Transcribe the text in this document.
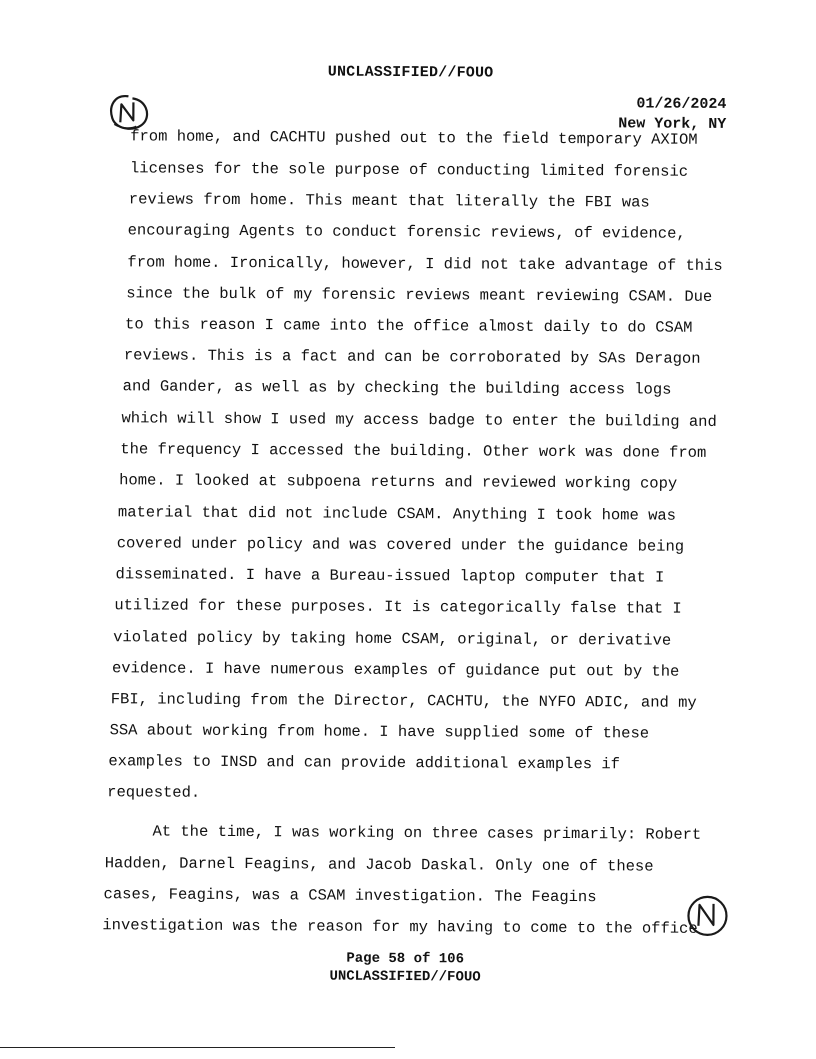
UNCLASSIFIED//FOUO
01/26/2024
New York, NY
from home, and CACHTU pushed out to the field temporary AXIOM
licenses for the sole purpose of conducting limited forensic
reviews from home. This meant that literally the FBI was
encouraging Agents to conduct forensic reviews, of evidence,
from home. Ironically, however, I did not take advantage of this
since the bulk of my forensic reviews meant reviewing CSAM. Due
to this reason I came into the office almost daily to do CSAM
reviews. This is a fact and can be corroborated by SAs Deragon
and Gander, as well as by checking the building access logs
which will show I used my access badge to enter the building and
the frequency I accessed the building. Other work was done from
home. I looked at subpoena returns and reviewed working copy
material that did not include CSAM. Anything I took home was
covered under policy and was covered under the guidance being
disseminated. I have a Bureau-issued laptop computer that I
utilized for these purposes. It is categorically false that I
violated policy by taking home CSAM, original, or derivative
evidence. I have numerous examples of guidance put out by the
FBI, including from the Director, CACHTU, the NYFO ADIC, and my
SSA about working from home. I have supplied some of these
examples to INSD and can provide additional examples if
requested.
At the time, I was working on three cases primarily: Robert
Hadden, Darnel Feagins, and Jacob Daskal. Only one of these
cases, Feagins, was a CSAM investigation. The Feagins
investigation was the reason for my having to come to the office
Page 58 of 106
UNCLASSIFIED//FOUO
